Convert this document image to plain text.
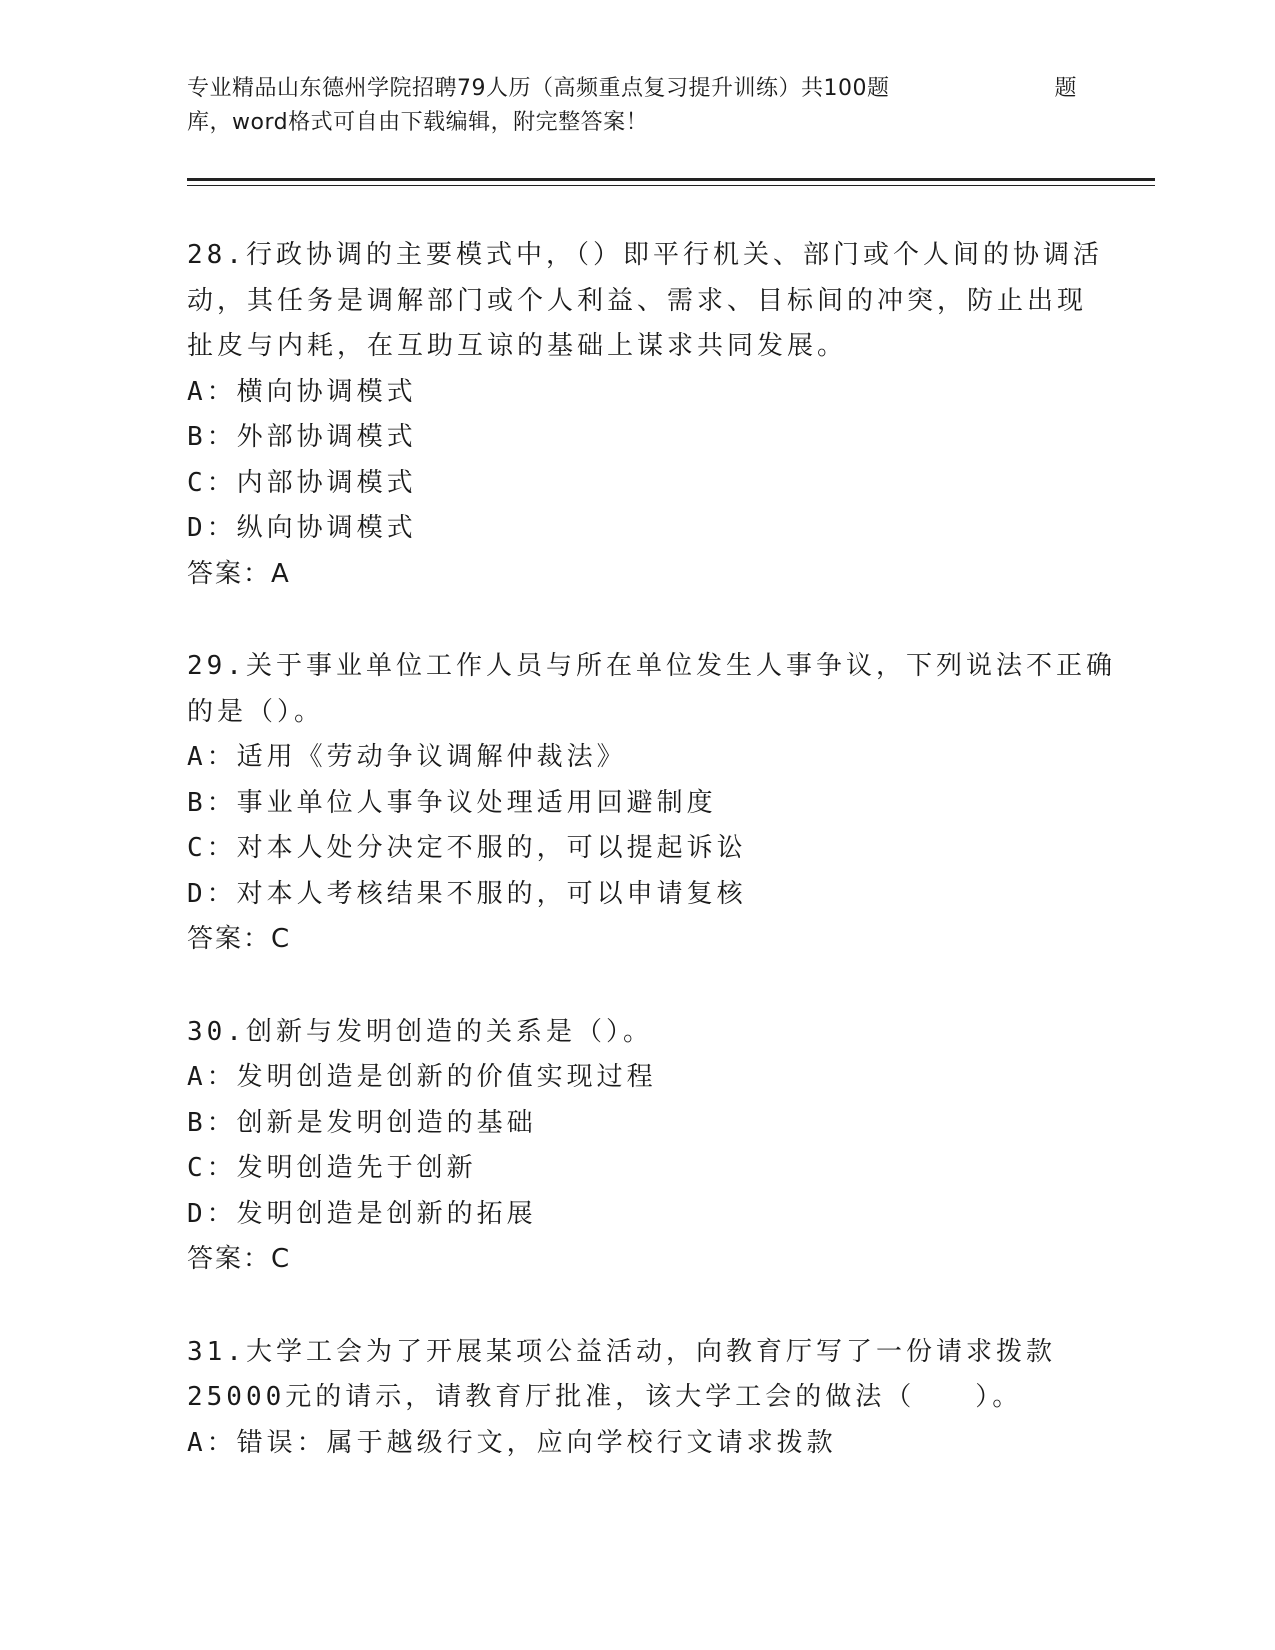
专业精品山东德州学院招聘79人历（高频重点复习提升训练）共100题	题
库，word格式可自由下载编辑，附完整答案！
28.行政协调的主要模式中，（）即平行机关、部门或个人间的协调活
动，其任务是调解部门或个人利益、需求、目标间的冲突，防止出现
扯皮与内耗，在互助互谅的基础上谋求共同发展。
A：横向协调模式
B：外部协调模式
C：内部协调模式
D：纵向协调模式
答案：A
29.关于事业单位工作人员与所在单位发生人事争议，下列说法不正确
的是（）。
A：适用《劳动争议调解仲裁法》
B：事业单位人事争议处理适用回避制度
C：对本人处分决定不服的，可以提起诉讼
D：对本人考核结果不服的，可以申请复核
答案：C
30.创新与发明创造的关系是（）。
A：发明创造是创新的价值实现过程
B：创新是发明创造的基础
C：发明创造先于创新
D：发明创造是创新的拓展
答案：C
31.大学工会为了开展某项公益活动，向教育厅写了一份请求拨款
25000元的请示，请教育厅批准，该大学工会的做法（　　）。
A：错误：属于越级行文，应向学校行文请求拨款
